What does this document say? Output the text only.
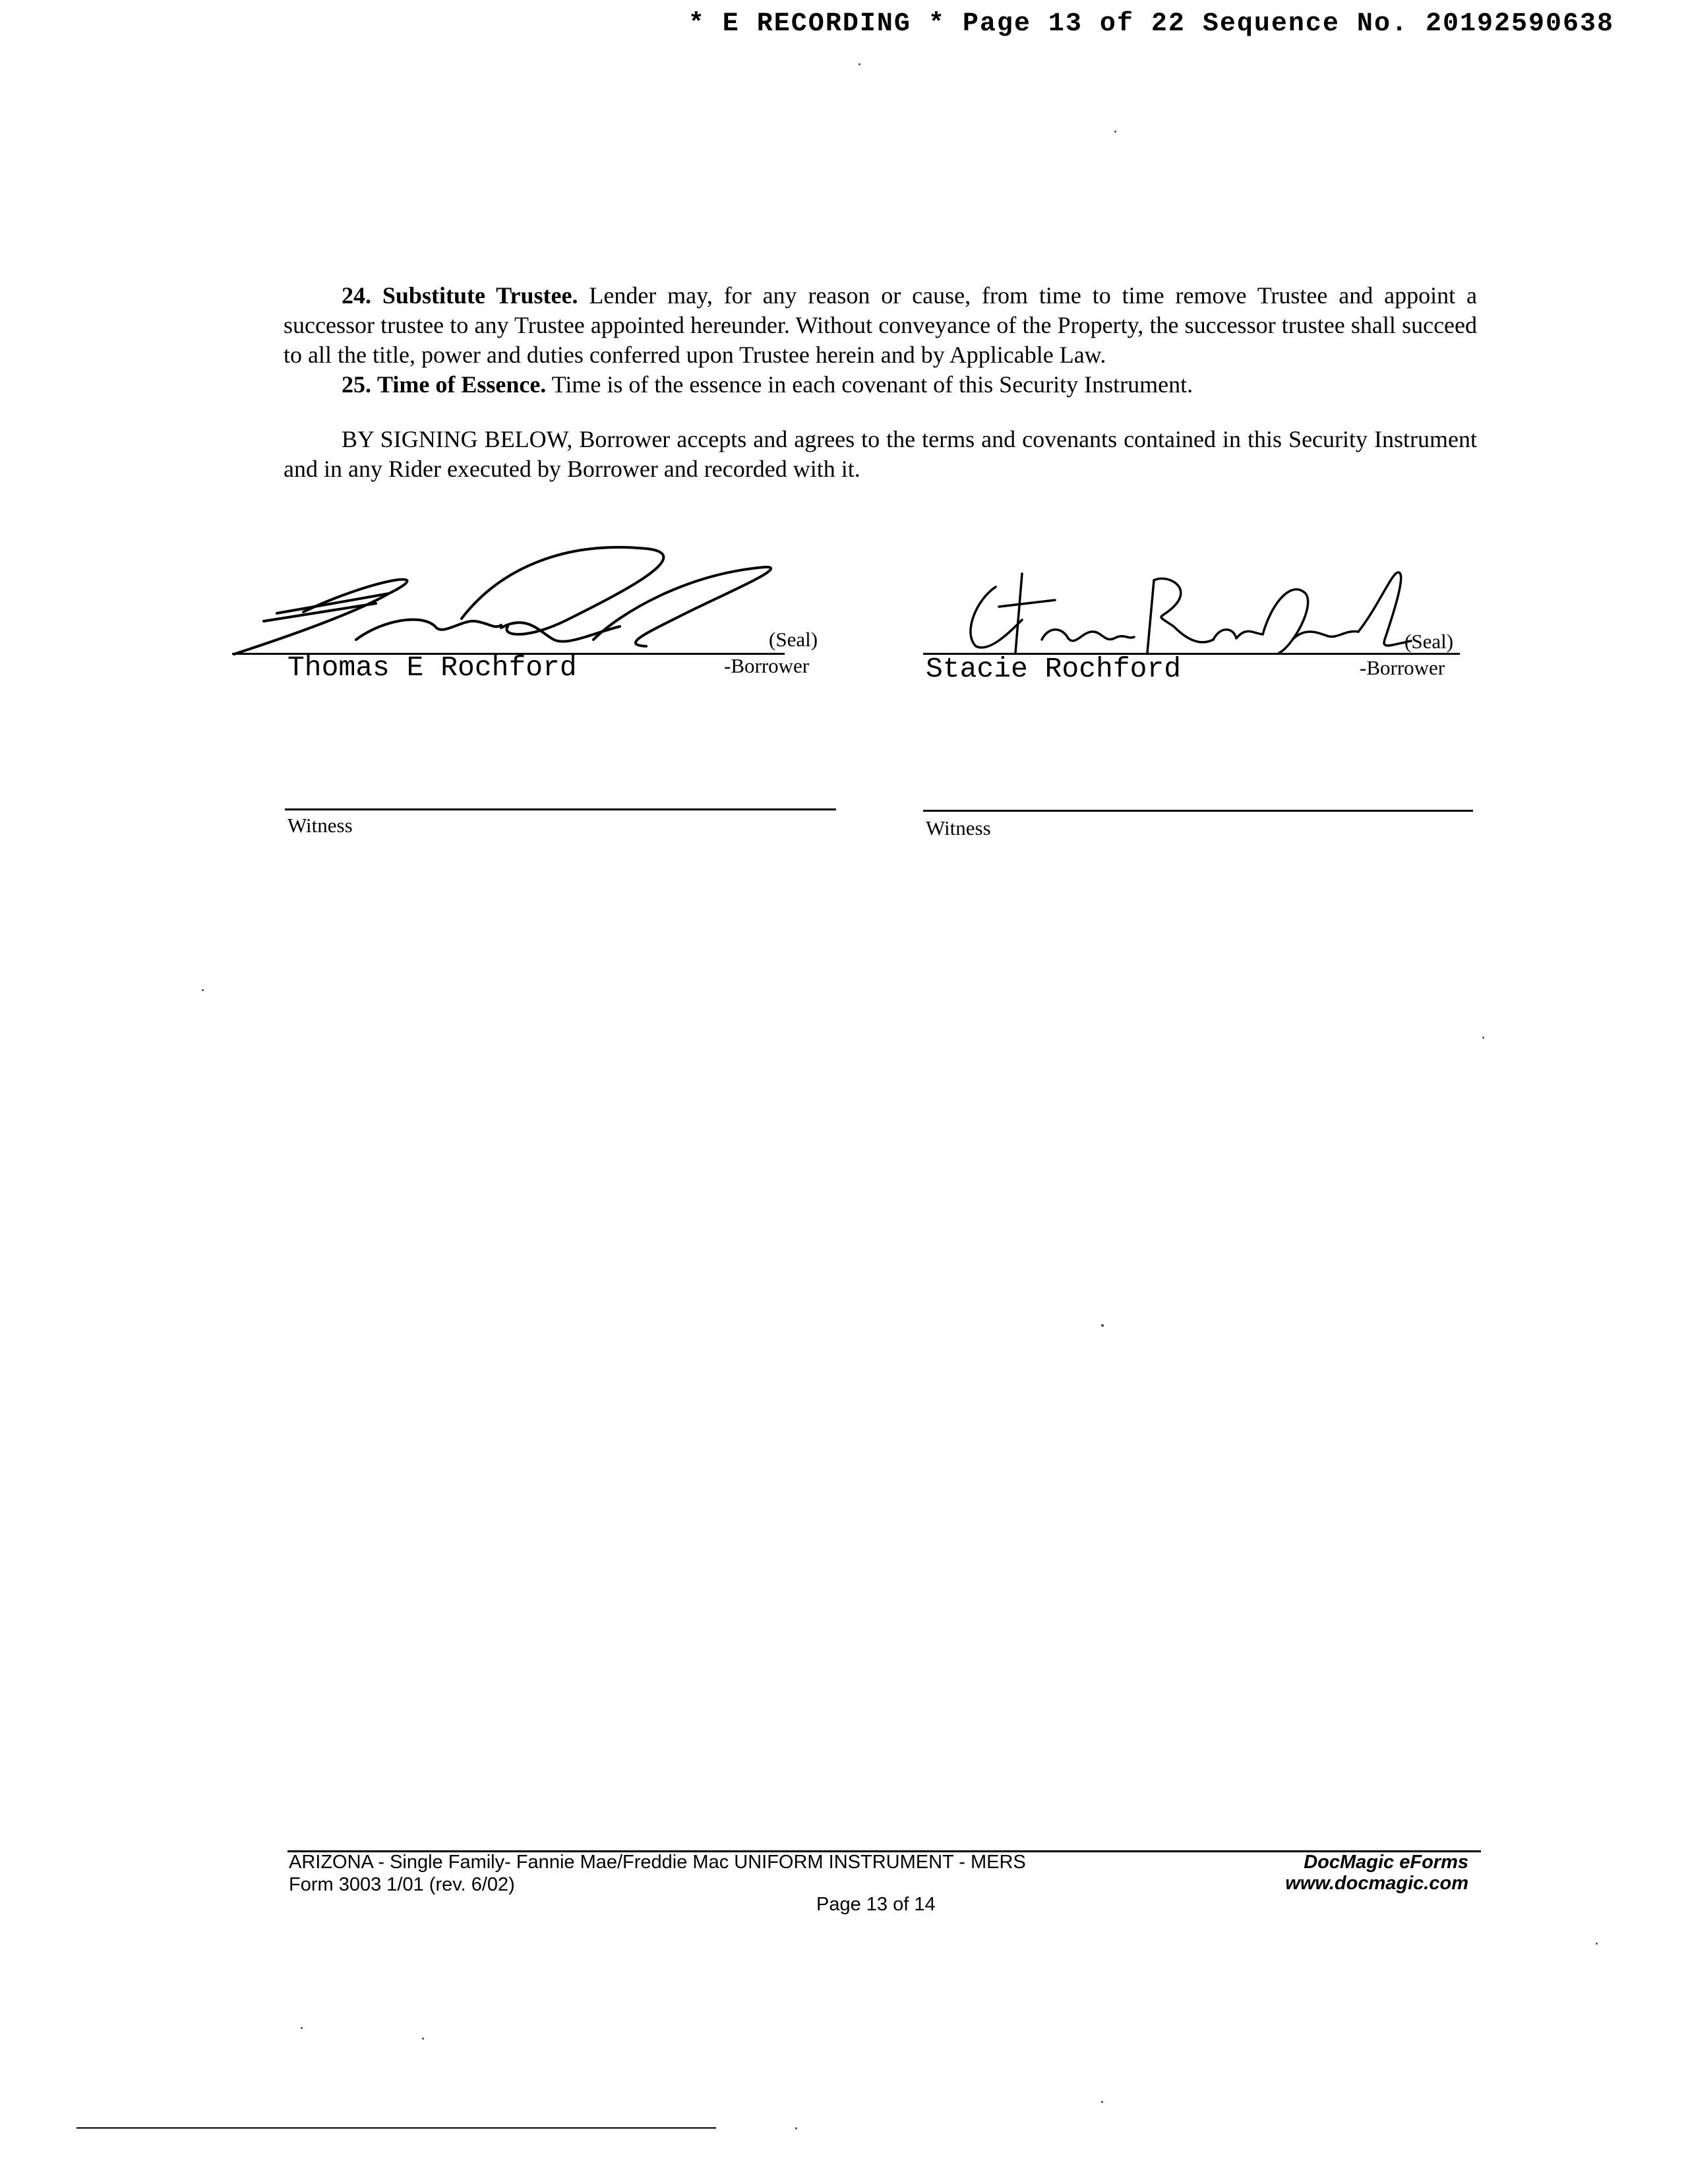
* E RECORDING * Page 13 of 22 Sequence No. 20192590638

24. Substitute Trustee. Lender may, for any reason or cause, from time to time remove Trustee and appoint a successor trustee to any Trustee appointed hereunder. Without conveyance of the Property, the successor trustee shall succeed to all the title, power and duties conferred upon Trustee herein and by Applicable Law.

25. Time of Essence. Time is of the essence in each covenant of this Security Instrument.

BY SIGNING BELOW, Borrower accepts and agrees to the terms and covenants contained in this Security Instrument and in any Rider executed by Borrower and recorded with it.

(Seal)
Thomas E Rochford	-Borrower
(Seal)
Stacie Rochford	-Borrower
Witness	Witness
ARIZONA - Single Family- Fannie Mae/Freddie Mac UNIFORM INSTRUMENT - MERS
Form 3003 1/01 (rev. 6/02)
Page 13 of 14
DocMagic eForms
www.docmagic.com
